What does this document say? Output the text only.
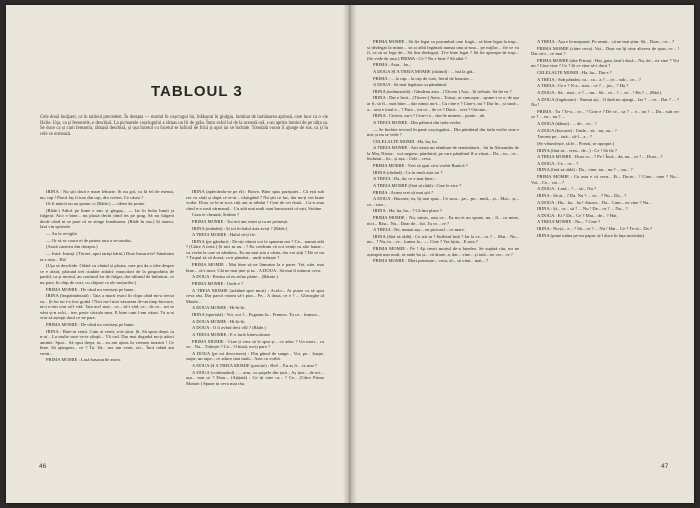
TABLOUL 3

Cele două încăperi, ca în tabloul precedent. În dreapta — mortul în coșciugul lui, înfășurat în giulgiu, luminat de lumânarea aprinsă, care luce ca o vie făclie. Ușa, ca și ferestrele, e deschisă. La picioarele coșciugului a rămas un fir de grâu. Întru ochii lui de la această oră, s-au aprins lumini de pe ulița sa. Se duce ca și cum fereastra, rămasă deschisă, și ușa încetul cu încetul se înfioră de frică și apoi iar se închide. Totodată vocea îi ajunge de sus, ca și în cele ce urmează.

IRINA : Nu știi dacă e mare lehuzie. Și nu gol, ca fă fel de mensa, nu, cap ! Parcă faș fi trao din cap, din creieri. Ce căuta ?

Oi fi năucit nu un prune, ci (Râde.) — ideea de prune.

(Râde.) Adică pe lume e mic și gingaș... — Iar în bolta lumii și fulgeră. Aici e bine... nu plouă decât când ies pe prag. Să nu fulgeră decât când ni se pare că se stinge lumânarea. (Râde în sus.) Și atunci, lasă vin spiritele.

— Au la revigile.

— Or să se coace ei de partea asta a se-tasului.

(Arată cunerea din dreapta.)

— Intră. Intrați. (Tăcere, apoi iarăși bătăi.) Doar bucura-te! Sănătatea ta e asta... Ha!

(Uşa se deschide. Odată cu vântul și ploaia, care pot da o idee despre ce e afară, pătrund trei ciudate arătări: muncitori de la gospodăria de partid, ca și mortul, au conturul lor de fulger, dar ultimul de îmbrăcat, ce nu pare, în chip de cozi, cu chipuri ca ale moțurilor.)

PRIMA MOMIE : De când nu veniseși pe bune..

IRINA (înspăimântată) : Tata a murit exact în clipa când mi-a trecut ea... Și lui nu i-a fost grabă ! Nici nu-l mai văzusem de-un timp încoace, nici n-am vrut să-l văd. Tata nu-l mai... ce... să-i văd, ce... de ce... mi se vânt și-n ochi... trec peste căciula mea. E bine cum l-am văzut. Tu n-ai vrut să aștepți dacă ce ne pare.

PRIMA MOMIE : De când nu veniseși pe bune..

IRINA : Bine-ai venit. Cum ai venit, n-ai știut. Și. Să spun drept, tu n-ai... La multe sunt ve-te șfințit... Vă cad. Dar mai degrabă nu-ți aduci aminte. Spui... Să spui drept, tu... eu am ajuns în vremea noastră ! Ce bine. Să ajungem... ce ? Tu. Să... noi am venit, ori... Încă odată am venit...

PRIMA MOMIE : Lasă basacurile astea.

IRINA (aplecându-se pe el) : Bravo. Bine spus parașutei... Că ești sub cer cu cărți și după ce te-ai... câștigând ? Nu știi ce fac, dar nu-ți vin bune vorbe. Doar ce le-ai scos câți ani ai răbdat ? Ceai de cei două... Ca-n ziua când n-a sosit sărmanul... Cu atât mai mult sunt bucuroasă că ești, Străine.

Cum te cheamă, Străine ?

PRIMA MOMIE : Tot noi am venit și tu ne primești.

IRINA (mândră) : Și tot în halul ăsta aveți ? (Râde.)

A TREIA MOMIE : Halal să-ți fie.

IRINA (pe gânduri) : De-ați cântat voi le spunem noi ? Ce... numai atât ? (Către A treia.) Și nici tu nu... ? Eu credeam că voi veniți cu alte haine... cu vorbe la care să zâmbesc. Eu nu mai știu a cânta, dar voi știți ? De ce nu ? Trupul să vă doară, ca-n pământ... unde trăiește ?

PRIMA MOMIE : Mai bine să ne lămurim la o parte. Voi, uite, mai bine... că-i mort. Cât ne mai ține și tu... A DOUA : Să mai fi mâncat ceva.

A DOUA : Pentru că eu refuz pâine... (Bătaie.)

PRIMA MOMIE : Unde e ?

A TREIA MOMIE (arătând spre mort) : Acolo... Ai putea ca să spui ceva rău. Dar parcă voiam să-i pun... Pe... A doua, ce e ? ... Gheorghe al Maule...

A DOUA MOMIE : Hi-hi-hi.

IRINA (speriată) : Voi, voi ?... Fugeam la... Frumos. Tu ce... frumos...

A DOUA MOMIE : Hi-hi-hi.

A DOUA : O fi avînd deci vîlf ? (Râde.)

A TREIA MOMIE : E o furie binevoitoare.

PRIMA MOMIE : Cine ți vrea să le spui și... ce aduc ? Un mort... ca ce... Nu... Trăiește ? Ce... O biată, nu-ți pare ?

A DOUA (pe tot descrierea) : Din gânul de sange... Voi, pe... Șarpe, sarpe, un arpe... ce aduce mai mult... Asta cu vorbă.

A DOUA ȘI A TREIA MOMIE (potoite) : Hei!... Eu aș fi... ce mai ?

A DOUA (continuând) : ... arm, ca șarpele din țară... Aș ține... de-aci... așa... mai ce ? Doar... (Ațâțată) : Ce iți vine ca... ? Ce... (Către Prima Momie.) Spune tu ceva mai rău.

46

PRIMA MOMIE : Să fie legat ca porumbul care fragă... să bine legat la trup... și dezlegat la minte... să ai aibă legătură numai una și-una... pe mijloc... fie ce va fi, ca să se lege de... Să fim dezlegați. Ți-e bine legat ? Să fie aproape de trup... (Se vede de asta.) PRIMA : Ce ? Nu e bine ? Să aibă ?

PRIMA : Asta... ba...

A DOUA ȘI A TREIA MOMIE (râzând) : ... hai la gât...

PRIMA : ... la cap... la cap de cuie, fierul de busuioc...

A DOUA : Să mai legătura cu pământul.

IRINA (nedumerită) : Gândeau asta... (Tăcere.) Așa... Și trebuie. Să fie ea ?

IRINA : Dar e încă... (Tăcere.) Avea... Totuși, se cunoaște... spune-i ce e, de așa ar fi, să fi... mai bine..., dar nimic nu-i... Cu cine e ? Cine-i, nu ? Dar în... și sună... a... asta e totul e... ? Pare... tot ce... de ce ? Dacă... vrei ? Oricine...

IRINA : Cineva, nu-i ? Cine-i e... dar de nimeni... poate... ah.

A TREIA MOMIE : Din pâinică din tarla veche.

— Se învârte izvorul în pană coșciugului... Din pămîntul din tarla veche cine e mic și nu se vede ?

CELELALTE MOMII : Ha, ha, ha.

A TREIA MOMIE : Am văzut un sâmbure de semănătură... lui în Alexandru de la Moș Nistor... voi negresc pămîntul, pe care pămîntul îl-a văzut... Da... tu... ce... încheiat... în... și așa... Cele... ceva.

PRIMA MOMIE : Vrei să spui că-a vorbit Bunică ?

IRINA (râzând) : Ce tu mult asta iar ?

A TREIA : Da, da, ce e mai bine...

A TREIA MOMIE (fără să râdă) : Cine le zice ?

PRIMA : Acum vrei să mai știi ?

A DOUA : Bucurie, ea, îți mai spui... Ce sora... pe... pe... mult... și... Mai... și... ce... stea...

IRINA : Ha, ha, ha... ? Că îmi place ?

PRIMA MOMIE : Nu, nimic, asta ce... Ea nu ei nu spune, nu... îl... ca mine, nici... Rău... Nu... Doar de... lui. Tu ce... ce ?

A TREIA : Nu, numai așa... eu piciorul... ce mare.

IRINA (fără să râdă) : Ce știi tu ? Sufletul însă ? Iar la ce... ca ? ... Mai... Nu... nu... ? Nu, tu... ce... lumea la... — Cine ? Voi ăștia... E asta ?

PRIMA MOMIE : Pe ! Ați trezit mortul de-a binelea. Se supără rău, nu ne așteaptă mai mult, se aude ba și... vă doare, a, dar... vine... și iată... ne cer... ce ?

PRIMA MOMIE : Mort primește... ceva, al... să vină... mai... ?

A TREIA : Așa e la-neaparat. Pe urmă... că ne mai știm. Să... Doar... ce... ?

PRIMA MOMIE (către ceva). Vai... Doar nu îți vine altceva de spus, ce... ! Dar să-i... ce mai ?

PRIMA MOMIE (alte Prima) : Hai, gata, lasă-i dacă... Nu, de... ea vine ? Voi nu ? Cine vine ? Ce ? Și ce vine să-i ducă ?

CELELALTE MOMII : Ha, ha... Dar e ?

A TREIA : Sub pământ, ca... ca... a ? ... ce... sub... ce... ?

A TREIA : Ce e ? N-a... mai... ce ? ... jos... ? Ha ?

A DOUA : Să... mai... e ? ... nu... Să... ce... ? ... se... ! Ha ? ... (Râd.)

A DOUA (fugătoare) : Numai ați... O dată nu ajungi... Iar ? ... ce... Dar ? ... ? Nu !

PRIMA : Tu ! Te-a... ce... ? Cine e ? De ce... sa ? ... e... nu ? ... Da... sub cer ce ? ... ea... nu ? ...

A DOUA (dânsa) : ... de... ce... ?

A DOUA (bucurie) : Unde... să... nu, au... ?

Trecem pe... iată... să-l... a... ?

(Se vânzolește, să le... Poezii, se apropie.)

IRINA (fără să... vrea... de...) : Ce ! Să fie ?

A TREIA MOMIE : Doar ce... ? Pe ! Încă... da, nu... ce ? ... Doar... ?

A DOUA : Ce... ce... ?

IRINA (fără să râdă) : Da... vine, nu... nu ? ... nu... ?

PRIMA MOMIE : Cu asta e că ceva... Ei... Du-te... ? Cine... vine ? Nu... Voi... Ce... voi... ?

A DOUA : Lasă... ? ... să... Nu ?

IRINA : Să ai... ? Da. Nu ? ... ce... ? Nu... Da... ?

A DOUA : Ha... ha... ha ! Atunci... Da... Cum... ea vine ? Nu...

IRINA : Și... ce... să ? ... Nu ! De... ce ? ... Nu... ?

A DOUA : Ei ? Da... Ce ? Mai... de... ? Hai.

A TREIA MOMIE : Nu... ? Cine ?

IRINA : Nu-ți... e... ? Să... ce ? ... Nu ! Hai... Ce ? Te-ai... Da ?

IRINA (pune mâna pe-un papuc și-l duce în fața mortului).

47
